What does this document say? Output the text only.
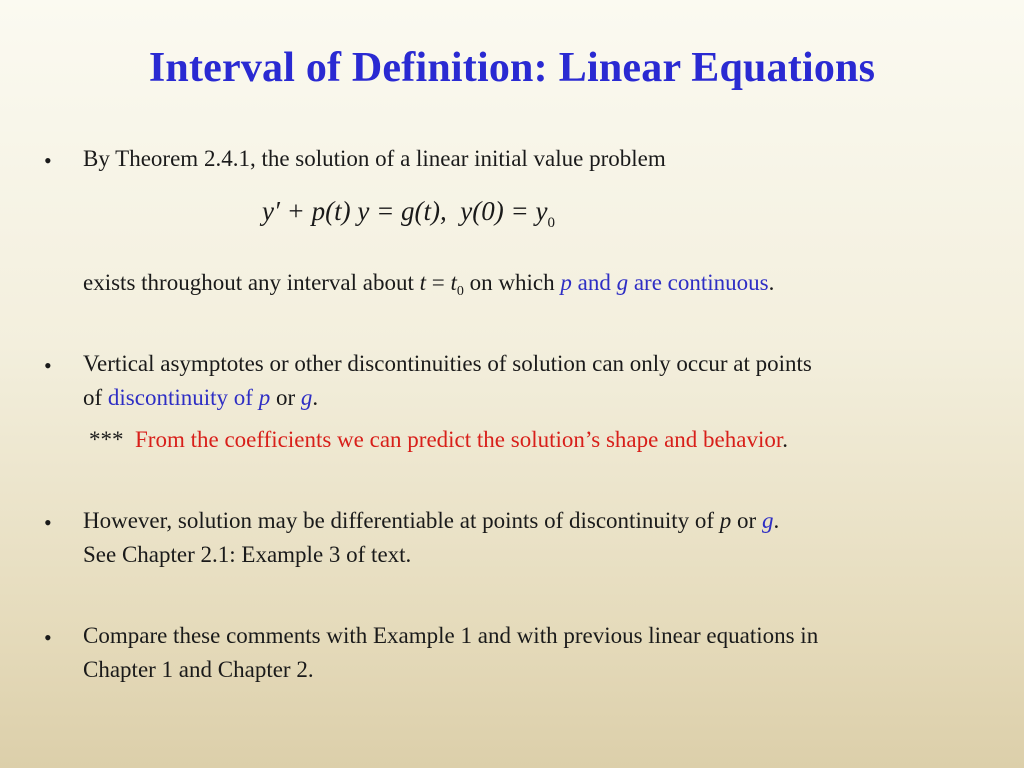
Interval of Definition: Linear Equations
• By Theorem 2.4.1, the solution of a linear initial value problem
y′ + p(t) y = g(t), $y(0) = y_0$
exists throughout any interval about $t = t_0$ on which p and g are continuous.
• Vertical asymptotes or other discontinuities of solution can only occur at points
of discontinuity of p or g.
*** From the coefficients we can predict the solution’s shape and behavior.
• However, solution may be differentiable at points of discontinuity of p or g.
See Chapter 2.1: Example 3 of text.
• Compare these comments with Example 1 and with previous linear equations in
Chapter 1 and Chapter 2.
